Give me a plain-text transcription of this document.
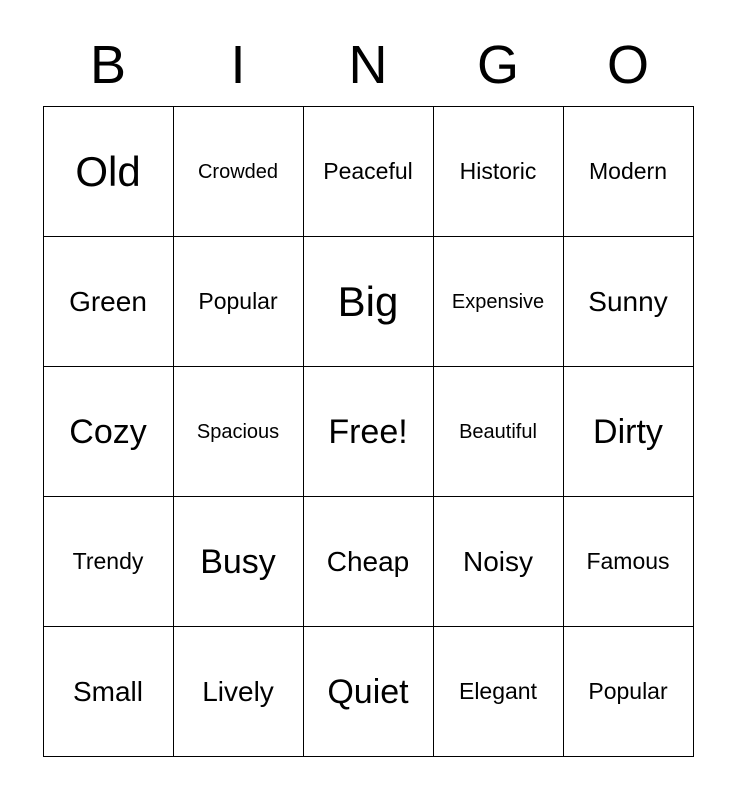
B	I	N	G	O
Old	Crowded	Peaceful	Historic	Modern
Green	Popular	Big	Expensive	Sunny
Cozy	Spacious	Free!	Beautiful	Dirty
Trendy	Busy	Cheap	Noisy	Famous
Small	Lively	Quiet	Elegant	Popular
